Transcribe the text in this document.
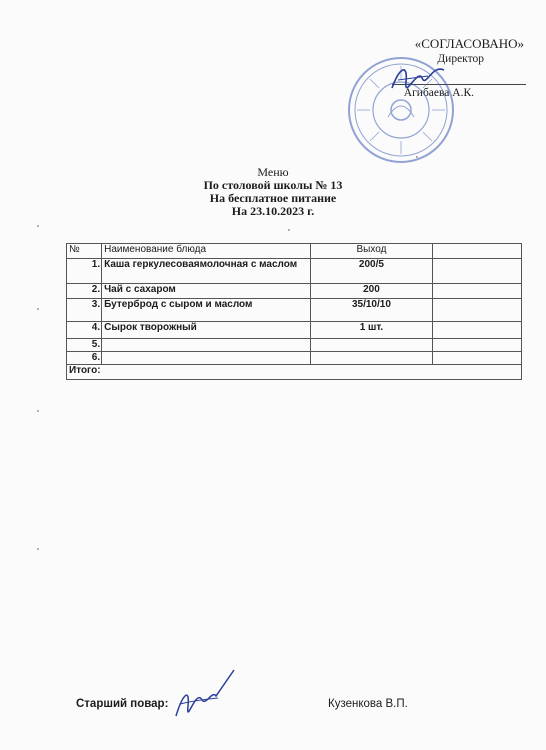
«СОГЛАСОВАНО»
Директор
Агибаева А.К.
Меню
По столовой школы № 13
На бесплатное питание
На 23.10.2023 г.
№	Наименование блюда	Выход	
1.	Каша геркулесоваямолочная с маслом	200/5	
2.	Чай с сахаром	200	
3.	Бутерброд с сыром и маслом	35/10/10	
4.	Сырок творожный	1 шт.	
5.			
6.			
Итого:			
Старший повар:	Кузенкова В.П.
